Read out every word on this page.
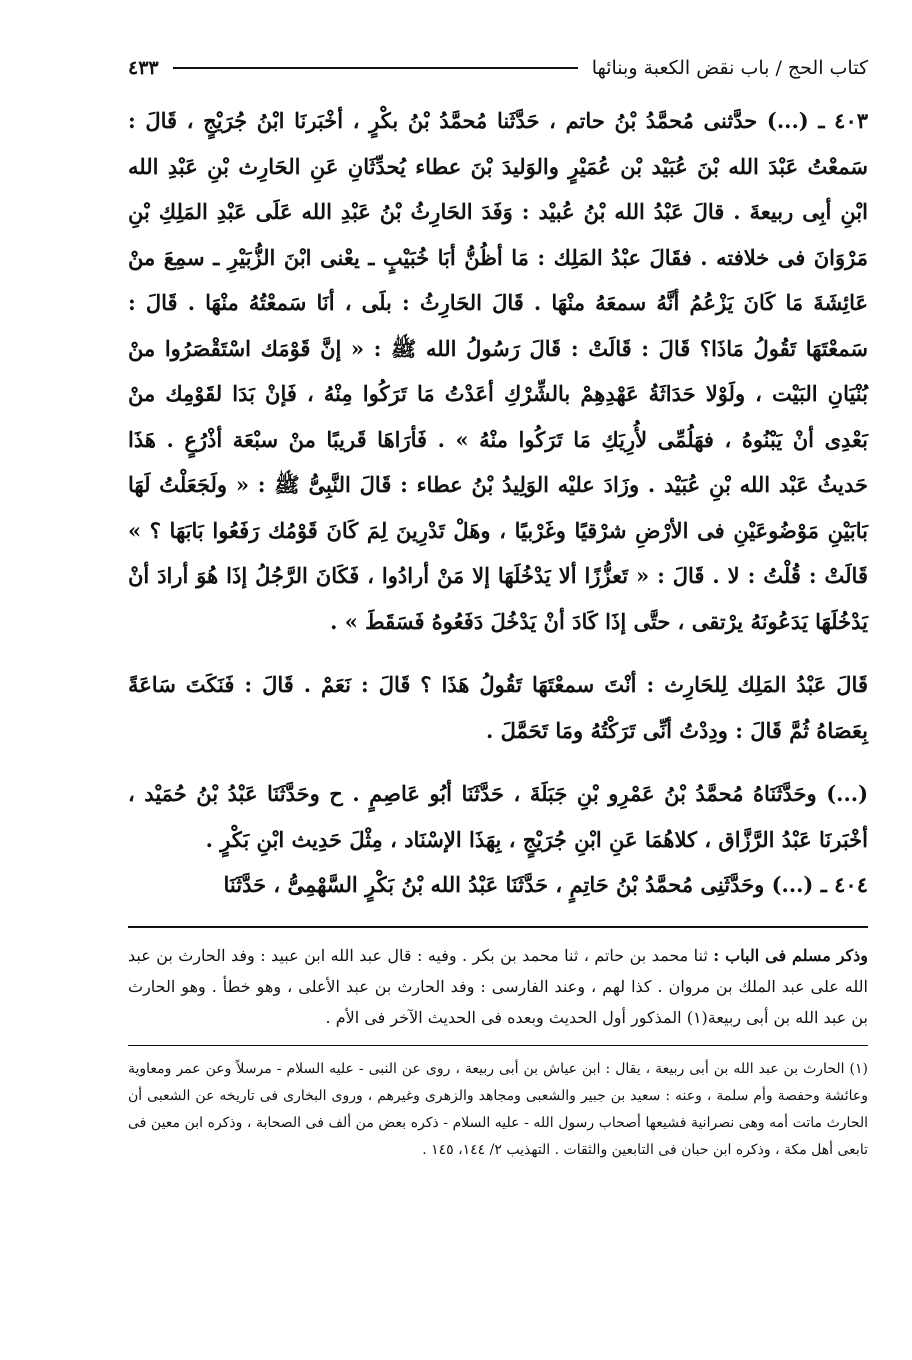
كتاب الحج / باب نقض الكعبة وبنائها
٤٣٣

٤٠٣ ـ (...) حدَّثنى مُحمَّدُ بْنُ حاتم ، حَدَّثَنا مُحمَّدُ بْنُ بكْرٍ ، أخْبَرنَا ابْنُ جُرَيْجٍ ، قَالَ : سَمعْتُ عَبْدَ الله بْنَ عُبَيْد بْن عُمَيْرٍ والوَليدَ بْنَ عطاء يُحدِّثَانِ عَنِ الحَارِث بْنِ عَبْدِ الله ابْنِ أبِى ربيعةَ . قالَ عَبْدُ الله بْنُ عُبيْد : وَفَدَ الحَارِثُ بْنُ عَبْدِ الله عَلَى عَبْدِ المَلِكِ بْنِ مَرْوَانَ فى خلافته . فقَالَ عبْدُ المَلِك : مَا أظُنُّ أبَا خُبَيْبٍ ـ يعْنى ابْنَ الزُّبَيْرِ ـ سمِعَ منْ عَائِشَةَ مَا كَانَ يَزْعُمُ أنَّهُ سمعَهُ منْهَا . قَالَ الحَارِثُ : بلَى ، أنَا سَمعْتُهُ منْهَا . قَالَ : سَمعْتَهَا تَقُولُ مَاذَا؟ قَالَ : قَالَتْ : قَالَ رَسُولُ الله ﷺ : « إنَّ قَوْمَك اسْتَقْصَرُوا منْ بُنْيَانِ البَيْت ، ولَوْلا حَدَاثَةُ عَهْدِهِمْ بالشِّرْكِ أعَدْتُ مَا تَرَكُوا مِنْهُ ، فَإنْ بَدَا لقَوْمِك منْ بَعْدِى أنْ يَبْنُوهُ ، فهَلُمِّى لأُرِيَكِ مَا تَرَكُوا منْهُ » . فَأرَاهَا قَريبًا منْ سبْعَة أذْرُعٍ . هَذَا حَديثُ عَبْد الله بْنِ عُبَيْد . وزَادَ عليْه الوَلِيدُ بْنُ عطاء : قَالَ النَّبِىُّ ﷺ : « ولَجَعَلْتُ لَهَا بَابَيْنِ مَوْضُوعَيْنِ فى الأرْضِ شرْقيًا وغَرْبيًا ، وهَلْ تَدْرِينَ لِمَ كَانَ قَوْمُك رَفَعُوا بَابَهَا ؟ » قَالَتْ : قُلْتُ : لا . قَالَ : « تَعزُّزًا ألا يَدْخُلَهَا إلا مَنْ أرادُوا ، فَكَانَ الرَّجُلُ إذَا هُوَ أرادَ أنْ يَدْخُلَهَا يَدَعُونَهُ يرْتقى ، حتَّى إذَا كَادَ أنْ يَدْخُلَ دَفَعُوهُ فَسَقَطَ » .

قَالَ عَبْدُ المَلِك لِلحَارِث : أنْتَ سمعْتَهَا تَقُولُ هَذَا ؟ قَالَ : نَعَمْ . قَالَ : فَنَكَتَ سَاعَةً بِعَصَاهُ ثُمَّ قَالَ : ودِدْتُ أنِّى تَرَكْتُهُ ومَا تَحَمَّلَ .

(...) وحَدَّثَنَاهُ مُحمَّدُ بْنُ عَمْرِو بْنِ جَبَلَةَ ، حَدَّثَنَا أبُو عَاصِمٍ . ح وحَدَّثَنَا عَبْدُ بْنُ حُمَيْد ، أخْبَرنَا عَبْدُ الرَّزَّاق ، كلاهُمَا عَنِ ابْنِ جُرَيْجٍ ، بِهَذَا الإسْنَاد ، مِثْلَ حَدِيث ابْنِ بَكْرٍ .

٤٠٤ ـ (...) وحَدَّثَنِى مُحمَّدُ بْنُ حَاتِمٍ ، حَدَّثَنَا عَبْدُ الله بْنُ بَكْرٍ السَّهْمِىُّ ، حَدَّثَنَا

وذكر مسلم فى الباب : ثنا محمد بن حاتم ، ثنا محمد بن بكر . وفيه : قال عبد الله ابن عبيد : وفد الحارث بن عبد الله على عبد الملك بن مروان . كذا لهم ، وعند الفارسى : وفد الحارث بن عبد الأعلى ، وهو خطأ . وهو الحارث بن عبد الله بن أبى ربيعة(١) المذكور أول الحديث وبعده فى الحديث الآخر فى الأم .

(١) الحارث بن عبد الله بن أبى ربيعة ، يقال : ابن عياش بن أبى ربيعة ، روى عن النبى - عليه السلام - مرسلاً وعن عمر ومعاوية وعائشة وحفصة وأم سلمة ، وعنه : سعيد بن جبير والشعبى ومجاهد والزهرى وغيرهم ، وروى البخارى فى تاريخه عن الشعبى أن الحارث ماتت أمه وهى نصرانية فشيعها أصحاب رسول الله - عليه السلام - ذكره بعض من ألف فى الصحابة ، وذكره ابن معين فى تابعى أهل مكة ، وذكره ابن حبان فى التابعين والثقات . التهذيب ٢/ ١٤٤، ١٤٥ .
